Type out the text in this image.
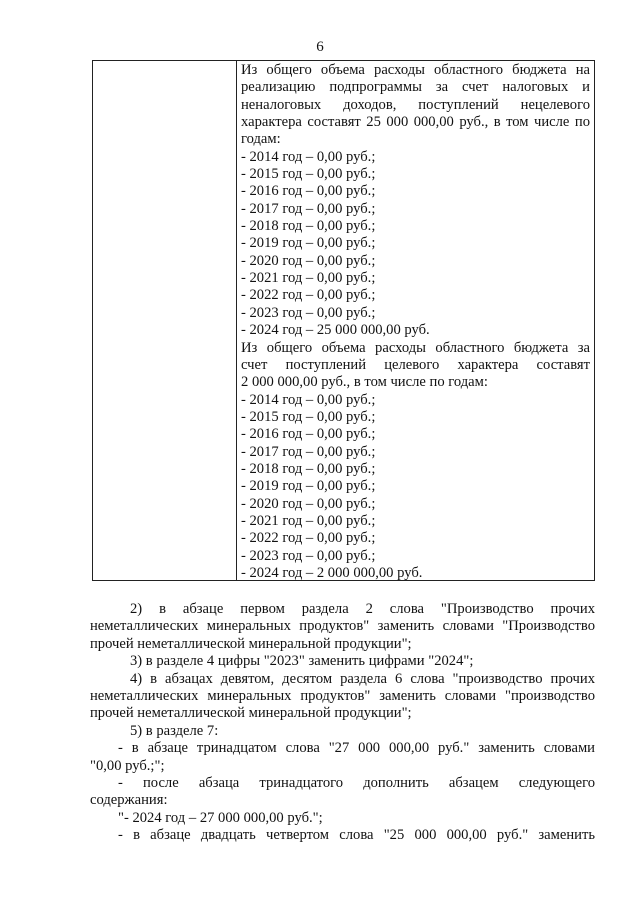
6

Из общего объема расходы областного бюджета на

реализацию подпрограммы за счет налоговых и

неналоговых доходов, поступлений нецелевого

характера составят 25 000 000,00 руб., в том числе по

годам:

- 2014 год – 0,00 руб.;

- 2015 год – 0,00 руб.;

- 2016 год – 0,00 руб.;

- 2017 год – 0,00 руб.;

- 2018 год – 0,00 руб.;

- 2019 год – 0,00 руб.;

- 2020 год – 0,00 руб.;

- 2021 год – 0,00 руб.;

- 2022 год – 0,00 руб.;

- 2023 год – 0,00 руб.;

- 2024 год – 25 000 000,00 руб.

Из общего объема расходы областного бюджета за

счет поступлений целевого характера составят

2 000 000,00 руб., в том числе по годам:

- 2014 год – 0,00 руб.;

- 2015 год – 0,00 руб.;

- 2016 год – 0,00 руб.;

- 2017 год – 0,00 руб.;

- 2018 год – 0,00 руб.;

- 2019 год – 0,00 руб.;

- 2020 год – 0,00 руб.;

- 2021 год – 0,00 руб.;

- 2022 год – 0,00 руб.;

- 2023 год – 0,00 руб.;

- 2024 год – 2 000 000,00 руб.

2) в абзаце первом раздела 2 слова "Производство прочих

неметаллических минеральных продуктов" заменить словами "Производство

прочей неметаллической минеральной продукции";

3) в разделе 4 цифры "2023" заменить цифрами "2024";

4) в абзацах девятом, десятом раздела 6 слова "производство прочих

неметаллических минеральных продуктов" заменить словами "производство

прочей неметаллической минеральной продукции";

5) в разделе 7:

- в абзаце тринадцатом слова "27 000 000,00 руб." заменить словами

"0,00 руб.;";

- после абзаца тринадцатого дополнить абзацем следующего

содержания:

"- 2024 год – 27 000 000,00 руб.";

- в абзаце двадцать четвертом слова "25 000 000,00 руб." заменить
